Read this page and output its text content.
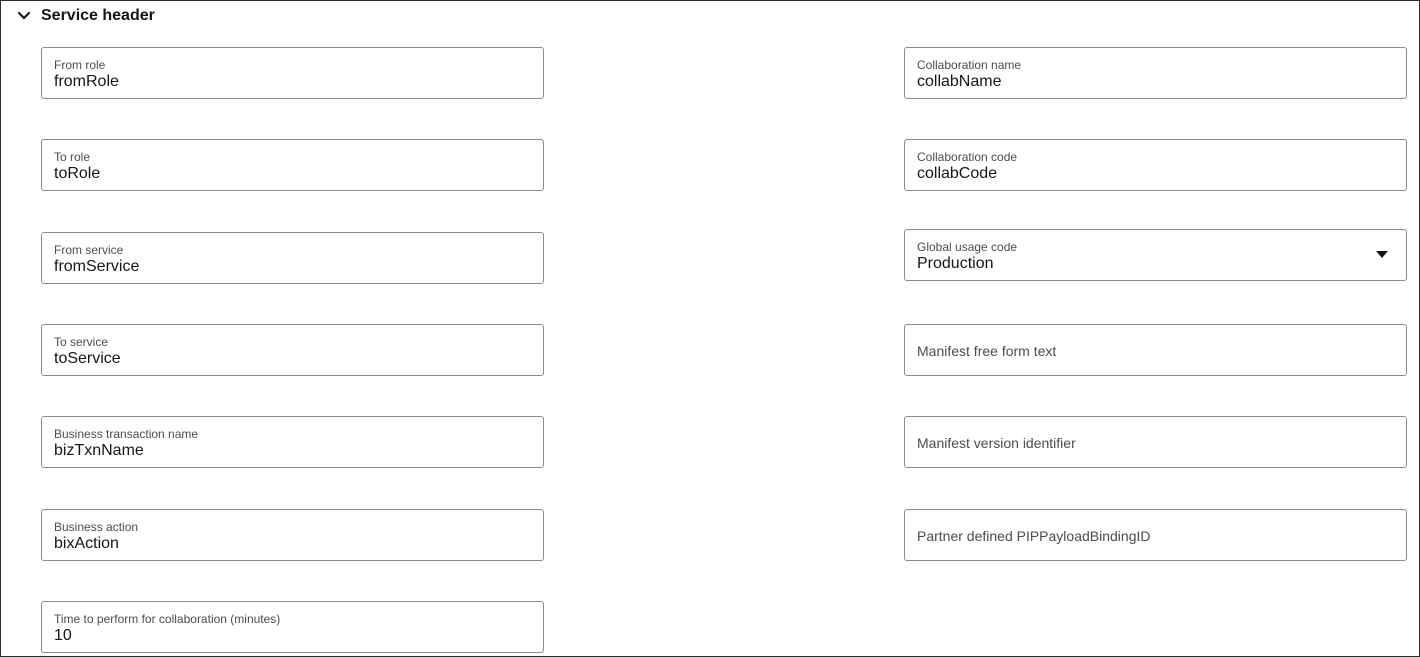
Service header
From role
fromRole
To role
toRole
From service
fromService
To service
toService
Business transaction name
bizTxnName
Business action
bixAction
Time to perform for collaboration (minutes)
10
Collaboration name
collabName
Collaboration code
collabCode
Global usage code
Production
Manifest free form text
Manifest version identifier
Partner defined PIPPayloadBindingID
